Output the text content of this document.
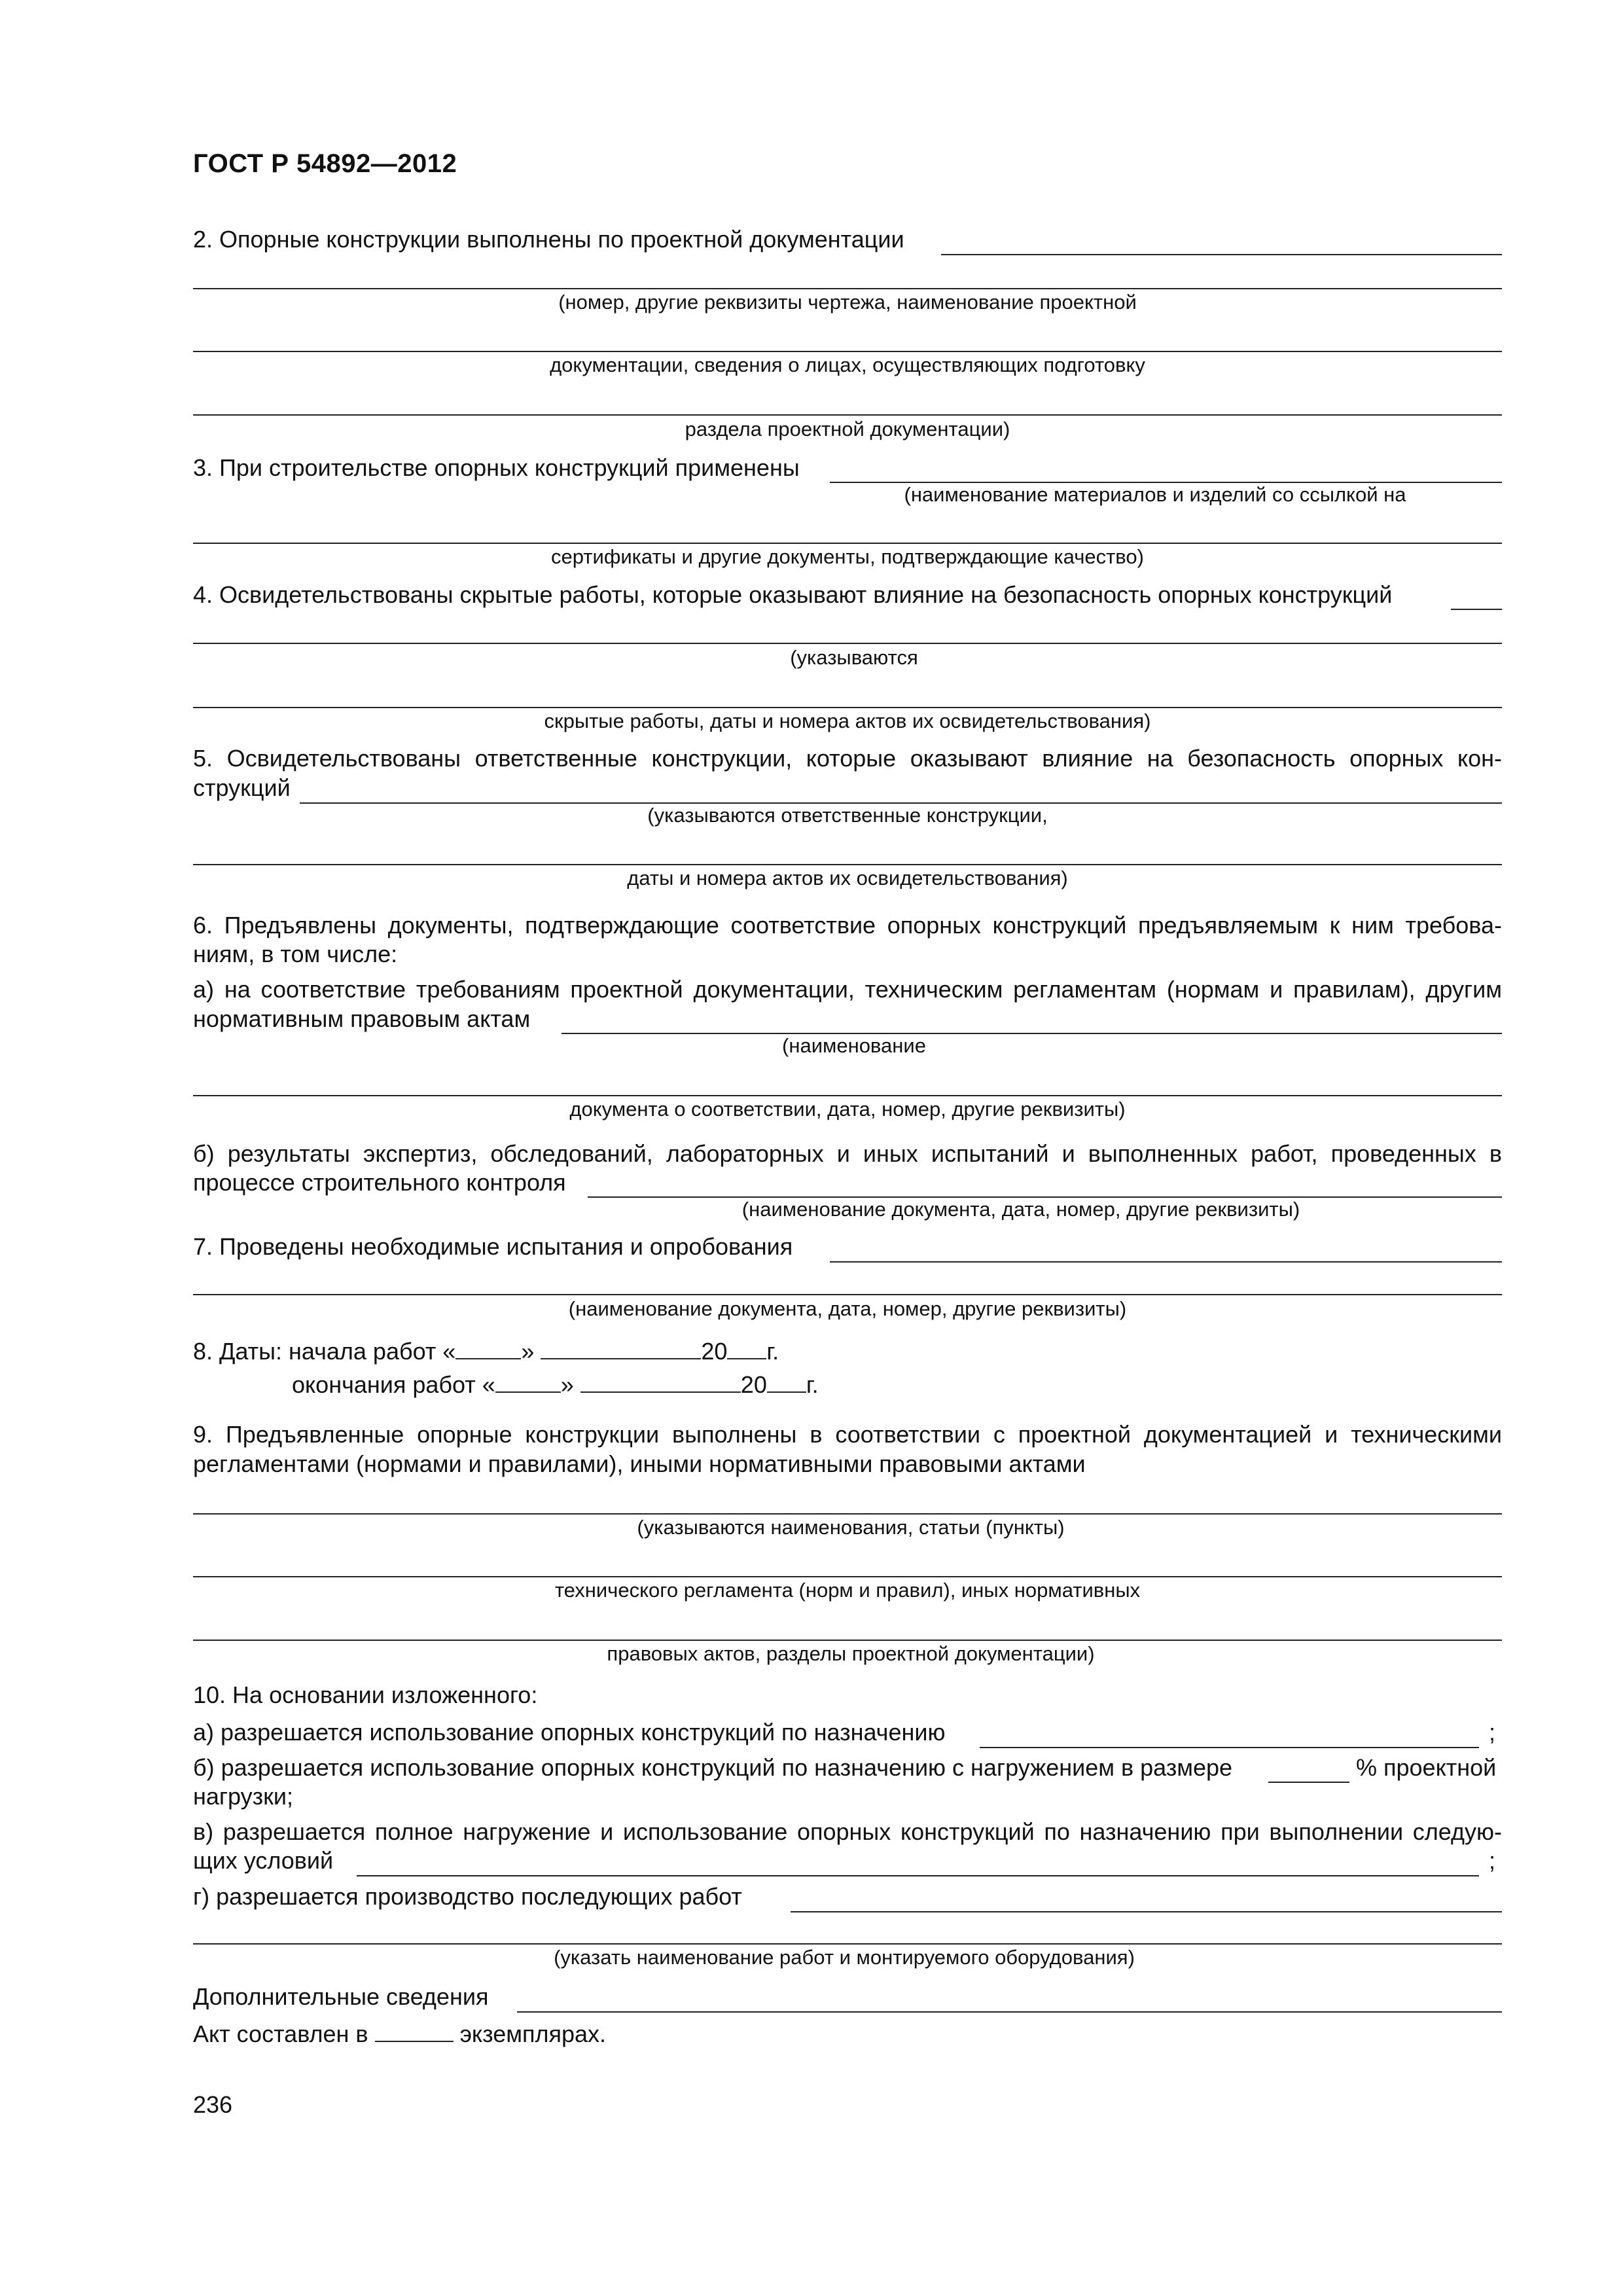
ГОСТ Р 54892—2012
2. Опорные конструкции выполнены по проектной документации
(номер, другие реквизиты чертежа, наименование проектной
документации, сведения о лицах, осуществляющих подготовку
раздела проектной документации)
3. При строительстве опорных конструкций применены
(наименование материалов и изделий со ссылкой на
сертификаты и другие документы, подтверждающие качество)
4. Освидетельствованы скрытые работы, которые оказывают влияние на безопасность опорных конструкций
(указываются
скрытые работы, даты и номера актов их освидетельствования)
5. Освидетельствованы ответственные конструкции, которые оказывают влияние на безопасность опорных кон-
струкций
(указываются ответственные конструкции,
даты и номера актов их освидетельствования)
6. Предъявлены документы, подтверждающие соответствие опорных конструкций предъявляемым к ним требова-
ниям, в том числе:
а) на соответствие требованиям проектной документации, техническим регламентам (нормам и правилам), другим
нормативным правовым актам
(наименование
документа о соответствии, дата, номер, другие реквизиты)
б) результаты экспертиз, обследований, лабораторных и иных испытаний и выполненных работ, проведенных в
процессе строительного контроля
(наименование документа, дата, номер, другие реквизиты)
7. Проведены необходимые испытания и опробования
(наименование документа, дата, номер, другие реквизиты)
8. Даты: начала работ «	»	20 г.
окончания работ «	»	20 г.
9. Предъявленные опорные конструкции выполнены в соответствии с проектной документацией и техническими
регламентами (нормами и правилами), иными нормативными правовыми актами
(указываются наименования, статьи (пункты)
технического регламента (норм и правил), иных нормативных
правовых актов, разделы проектной документации)
10. На основании изложенного:
а) разрешается использование опорных конструкций по назначению	;
б) разрешается использование опорных конструкций по назначению с нагружением в размере	% проектной
нагрузки;
в) разрешается полное нагружение и использование опорных конструкций по назначению при выполнении следую-
щих условий	;
г) разрешается производство последующих работ
(указать наименование работ и монтируемого оборудования)
Дополнительные сведения
Акт составлен в	экземплярах.
236
